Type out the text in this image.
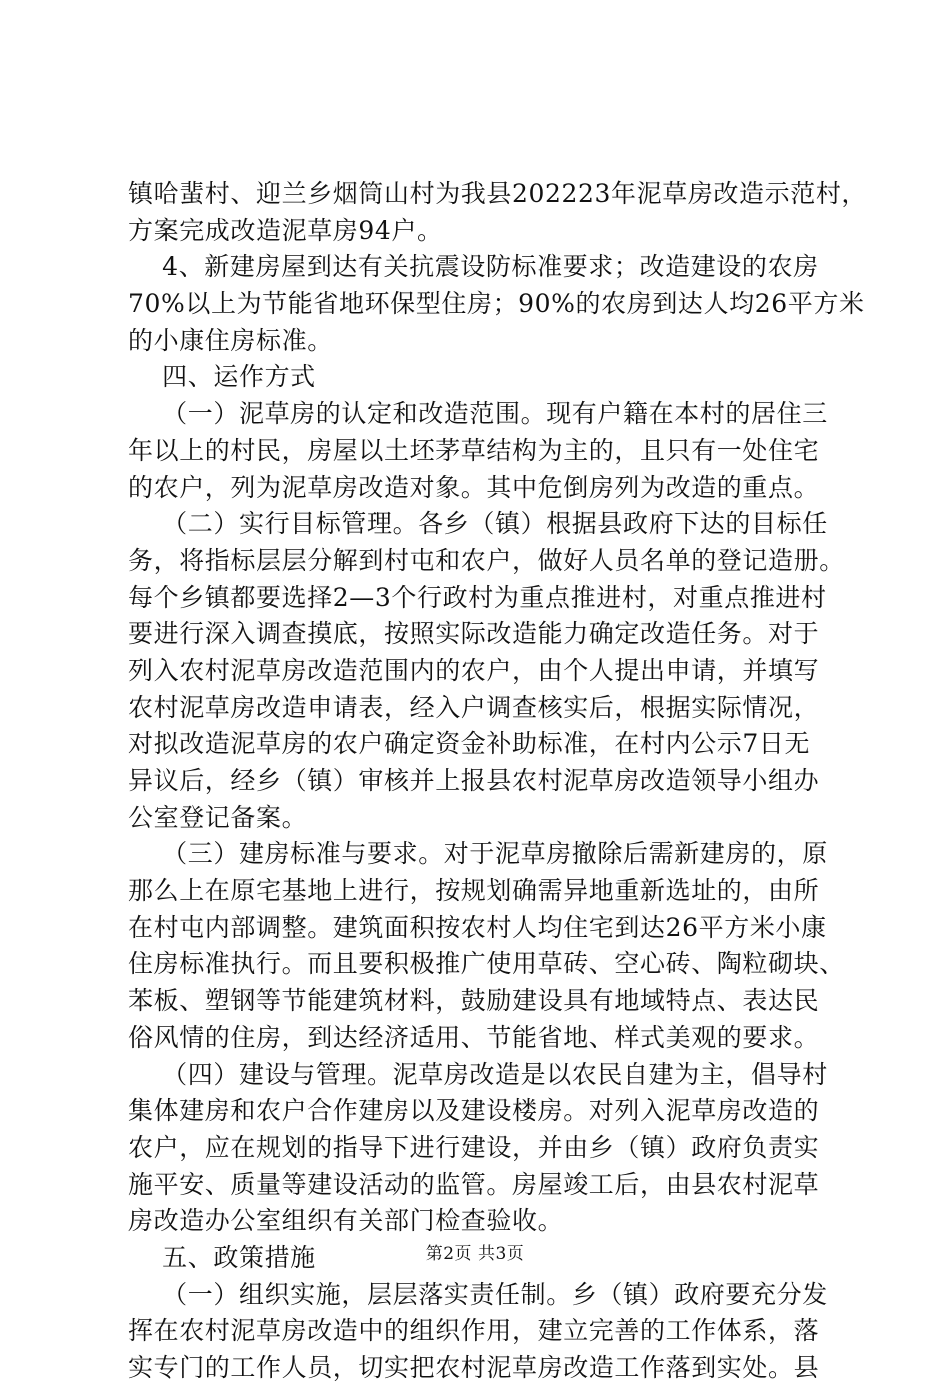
镇哈蜚村、迎兰乡烟筒山村为我县202223年泥草房改造示范村，
方案完成改造泥草房94户。
4、新建房屋到达有关抗震设防标准要求；改造建设的农房
70%以上为节能省地环保型住房；90%的农房到达人均26平方米
的小康住房标准。
四、运作方式
（一）泥草房的认定和改造范围。现有户籍在本村的居住三
年以上的村民，房屋以土坯茅草结构为主的，且只有一处住宅
的农户，列为泥草房改造对象。其中危倒房列为改造的重点。
（二）实行目标管理。各乡（镇）根据县政府下达的目标任
务，将指标层层分解到村屯和农户，做好人员名单的登记造册。
每个乡镇都要选择2—3个行政村为重点推进村，对重点推进村
要进行深入调查摸底，按照实际改造能力确定改造任务。对于
列入农村泥草房改造范围内的农户，由个人提出申请，并填写
农村泥草房改造申请表，经入户调查核实后，根据实际情况，
对拟改造泥草房的农户确定资金补助标准，在村内公示7日无
异议后，经乡（镇）审核并上报县农村泥草房改造领导小组办
公室登记备案。
（三）建房标准与要求。对于泥草房撤除后需新建房的，原
那么上在原宅基地上进行，按规划确需异地重新选址的，由所
在村屯内部调整。建筑面积按农村人均住宅到达26平方米小康
住房标准执行。而且要积极推广使用草砖、空心砖、陶粒砌块、
苯板、塑钢等节能建筑材料，鼓励建设具有地域特点、表达民
俗风情的住房，到达经济适用、节能省地、样式美观的要求。
（四）建设与管理。泥草房改造是以农民自建为主，倡导村
集体建房和农户合作建房以及建设楼房。对列入泥草房改造的
农户，应在规划的指导下进行建设，并由乡（镇）政府负责实
施平安、质量等建设活动的监管。房屋竣工后，由县农村泥草
房改造办公室组织有关部门检查验收。
五、政策措施
（一）组织实施，层层落实责任制。乡（镇）政府要充分发
挥在农村泥草房改造中的组织作用，建立完善的工作体系，落
实专门的工作人员，切实把农村泥草房改造工作落到实处。县
第2页 共3页
